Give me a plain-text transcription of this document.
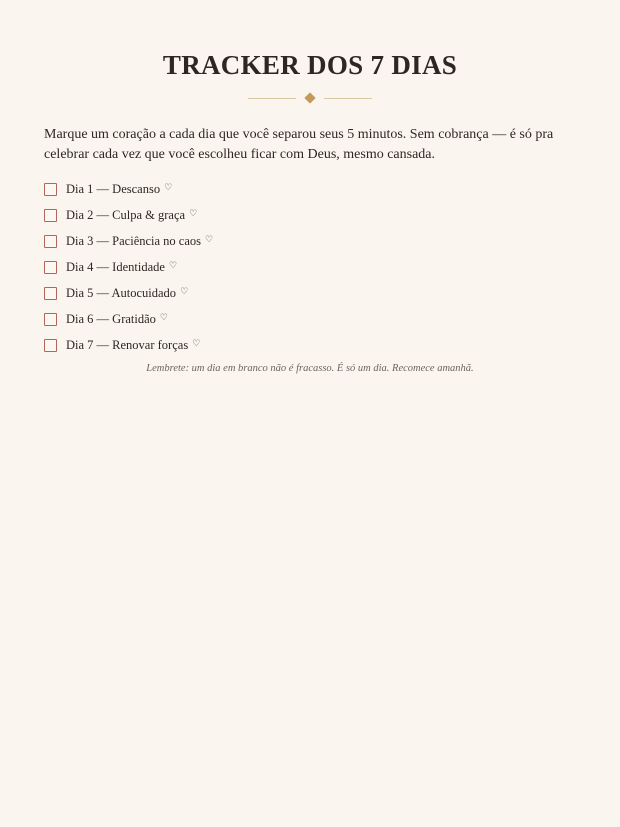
TRACKER DOS 7 DIAS

Marque um coração a cada dia que você separou seus 5 minutos. Sem cobrança — é só pra celebrar cada vez que você escolheu ficar com Deus, mesmo cansada.

Dia 1 — Descanso ♡
Dia 2 — Culpa & graça ♡
Dia 3 — Paciência no caos ♡
Dia 4 — Identidade ♡
Dia 5 — Autocuidado ♡
Dia 6 — Gratidão ♡
Dia 7 — Renovar forças ♡

Lembrete: um dia em branco não é fracasso. É só um dia. Recomece amanhã.
